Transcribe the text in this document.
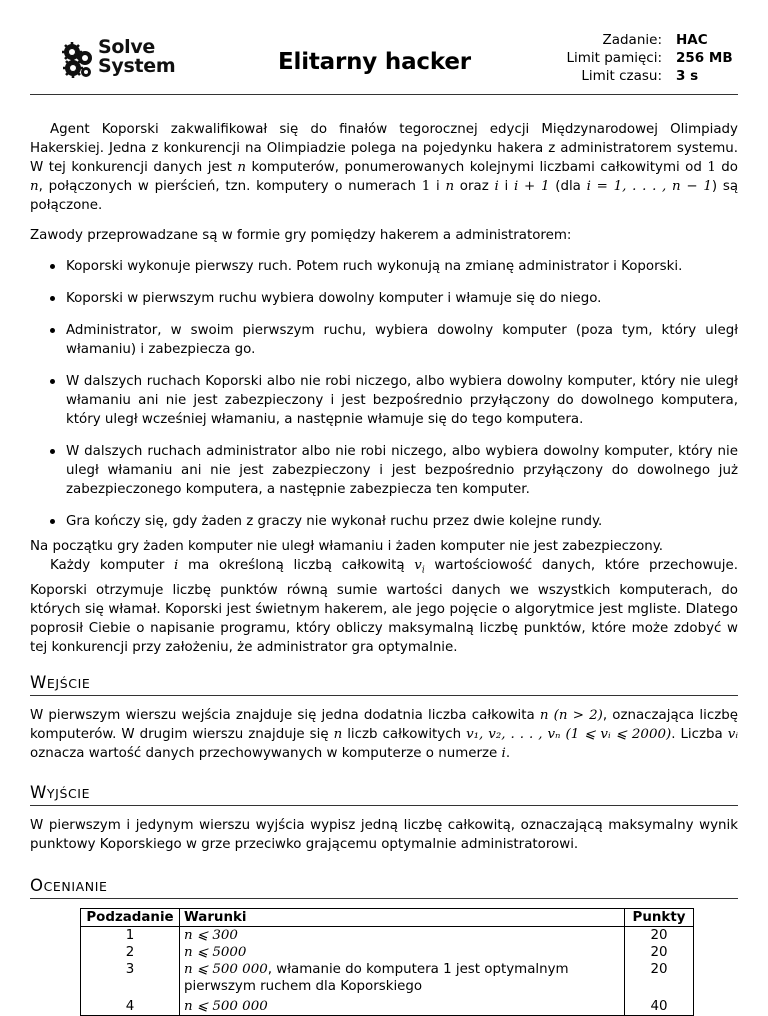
Solve
System	Elitarny hacker
Zadanie:	HAC
Limit pamięci:	256 MB
Limit czasu:	3 s

Agent Koporski zakwalifikował się do finałów tegorocznej edycji Międzynarodowej Olimpiady Hakerskiej. Jedna z konkurencji na Olimpiadzie polega na pojedynku hakera z administratorem systemu. W tej konkurencji danych jest n komputerów, ponumerowanych kolejnymi liczbami całkowitymi od 1 do n, połączonych w pierścień, tzn. komputery o numerach 1 i n oraz i i i + 1 (dla i = 1, . . . , n − 1) są połączone.

Zawody przeprowadzane są w formie gry pomiędzy hakerem a administratorem:

Koporski wykonuje pierwszy ruch. Potem ruch wykonują na zmianę administrator i Koporski.
Koporski w pierwszym ruchu wybiera dowolny komputer i włamuje się do niego.
Administrator, w swoim pierwszym ruchu, wybiera dowolny komputer (poza tym, który uległ włamaniu) i zabezpiecza go.
W dalszych ruchach Koporski albo nie robi niczego, albo wybiera dowolny komputer, który nie uległ włamaniu ani nie jest zabezpieczony i jest bezpośrednio przyłączony do dowolnego komputera, który uległ wcześniej włamaniu, a następnie włamuje się do tego komputera.
W dalszych ruchach administrator albo nie robi niczego, albo wybiera dowolny komputer, który nie uległ włamaniu ani nie jest zabezpieczony i jest bezpośrednio przyłączony do dowolnego już zabezpieczonego komputera, a następnie zabezpiecza ten komputer.
Gra kończy się, gdy żaden z graczy nie wykonał ruchu przez dwie kolejne rundy.

Na początku gry żaden komputer nie uległ włamaniu i żaden komputer nie jest zabezpieczony.

Każdy komputer i ma określoną liczbą całkowitą $v_i$ wartościowość danych, które przechowuje. Koporski otrzymuje liczbę punktów równą sumie wartości danych we wszystkich komputerach, do których się włamał. Koporski jest świetnym hakerem, ale jego pojęcie o algorytmice jest mgliste. Dlatego poprosił Ciebie o napisanie programu, który obliczy maksymalną liczbę punktów, które może zdobyć w tej konkurencji przy założeniu, że administrator gra optymalnie.

WEJŚCIE

W pierwszym wierszu wejścia znajduje się jedna dodatnia liczba całkowita n (n > 2), oznaczająca liczbę komputerów. W drugim wierszu znajduje się n liczb całkowitych v₁, v₂, . . . , vₙ (1 ⩽ vᵢ ⩽ 2000). Liczba vᵢ oznacza wartość danych przechowywanych w komputerze o numerze i.

WYJŚCIE

W pierwszym i jedynym wierszu wyjścia wypisz jedną liczbę całkowitą, oznaczającą maksymalny wynik punktowy Koporskiego w grze przeciwko grającemu optymalnie administratorowi.

OCENIANIE
Podzadanie	Warunki	Punkty
1	n ⩽ 300	20
2	n ⩽ 5000	20
3	n ⩽ 500 000, włamanie do komputera 1 jest optymalnym pierwszym ruchem dla Koporskiego	20
4	n ⩽ 500 000	40
